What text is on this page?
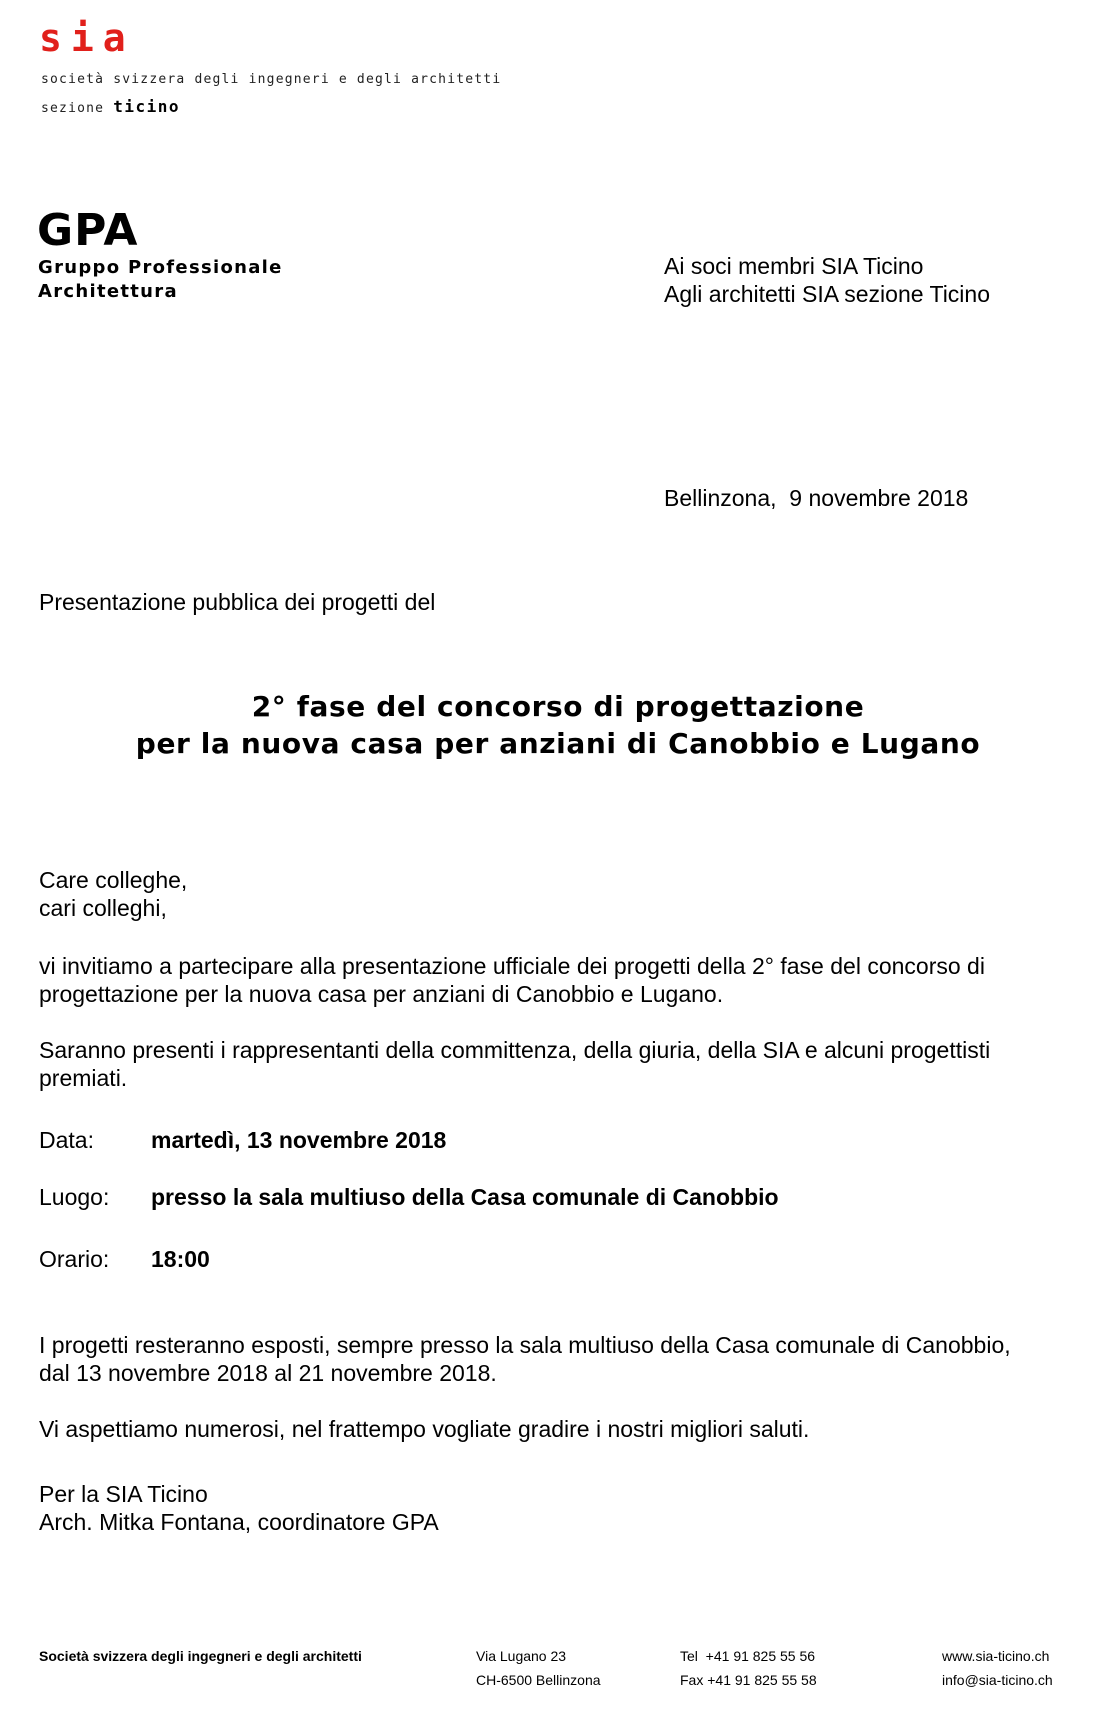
sia
società svizzera degli ingegneri e degli architetti
sezione ticino
GPA
Gruppo Professionale
Architettura
Ai soci membri SIA Ticino
Agli architetti SIA sezione Ticino
Bellinzona,  9 novembre 2018
Presentazione pubblica dei progetti del
2° fase del concorso di progettazione
per la nuova casa per anziani di Canobbio e Lugano
Care colleghe,
cari colleghi,
vi invitiamo a partecipare alla presentazione ufficiale dei progetti della 2° fase del concorso di
progettazione per la nuova casa per anziani di Canobbio e Lugano.
Saranno presenti i rappresentanti della committenza, della giuria, della SIA e alcuni progettisti
premiati.
Data: martedì, 13 novembre 2018
Luogo: presso la sala multiuso della Casa comunale di Canobbio
Orario: 18:00
I progetti resteranno esposti, sempre presso la sala multiuso della Casa comunale di Canobbio,
dal 13 novembre 2018 al 21 novembre 2018.
Vi aspettiamo numerosi, nel frattempo vogliate gradire i nostri migliori saluti.
Per la SIA Ticino
Arch. Mitka Fontana, coordinatore GPA
Società svizzera degli ingegneri e degli architetti	Via Lugano 23
CH-6500 Bellinzona
Tel  +41 91 825 55 56
Fax +41 91 825 55 58
www.sia-ticino.ch
info@sia-ticino.ch
